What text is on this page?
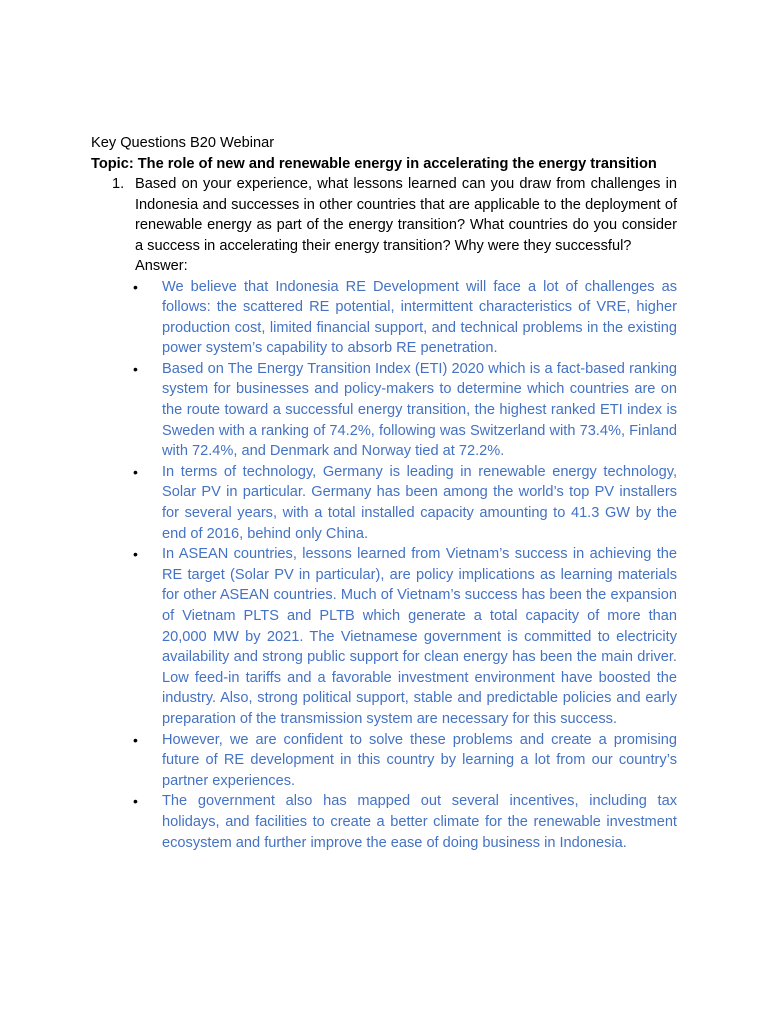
Key Questions B20 Webinar

Topic: The role of new and renewable energy in accelerating the energy transition

1. Based on your experience, what lessons learned can you draw from challenges in Indonesia and successes in other countries that are applicable to the deployment of renewable energy as part of the energy transition? What countries do you consider a success in accelerating their energy transition? Why were they successful?

Answer:

• We believe that Indonesia RE Development will face a lot of challenges as follows: the scattered RE potential, intermittent characteristics of VRE, higher production cost, limited financial support, and technical problems in the existing power system’s capability to absorb RE penetration.
• Based on The Energy Transition Index (ETI) 2020 which is a fact-based ranking system for businesses and policy-makers to determine which countries are on the route toward a successful energy transition, the highest ranked ETI index is Sweden with a ranking of 74.2%, following was Switzerland with 73.4%, Finland with 72.4%, and Denmark and Norway tied at 72.2%.
• In terms of technology, Germany is leading in renewable energy technology, Solar PV in particular. Germany has been among the world’s top PV installers for several years, with a total installed capacity amounting to 41.3 GW by the end of 2016, behind only China.
• In ASEAN countries, lessons learned from Vietnam’s success in achieving the RE target (Solar PV in particular), are policy implications as learning materials for other ASEAN countries. Much of Vietnam’s success has been the expansion of Vietnam PLTS and PLTB which generate a total capacity of more than 20,000 MW by 2021. The Vietnamese government is committed to electricity availability and strong public support for clean energy has been the main driver. Low feed-in tariffs and a favorable investment environment have boosted the industry. Also, strong political support, stable and predictable policies and early preparation of the transmission system are necessary for this success.
• However, we are confident to solve these problems and create a promising future of RE development in this country by learning a lot from our country’s partner experiences.
• The government also has mapped out several incentives, including tax holidays, and facilities to create a better climate for the renewable investment ecosystem and further improve the ease of doing business in Indonesia.
